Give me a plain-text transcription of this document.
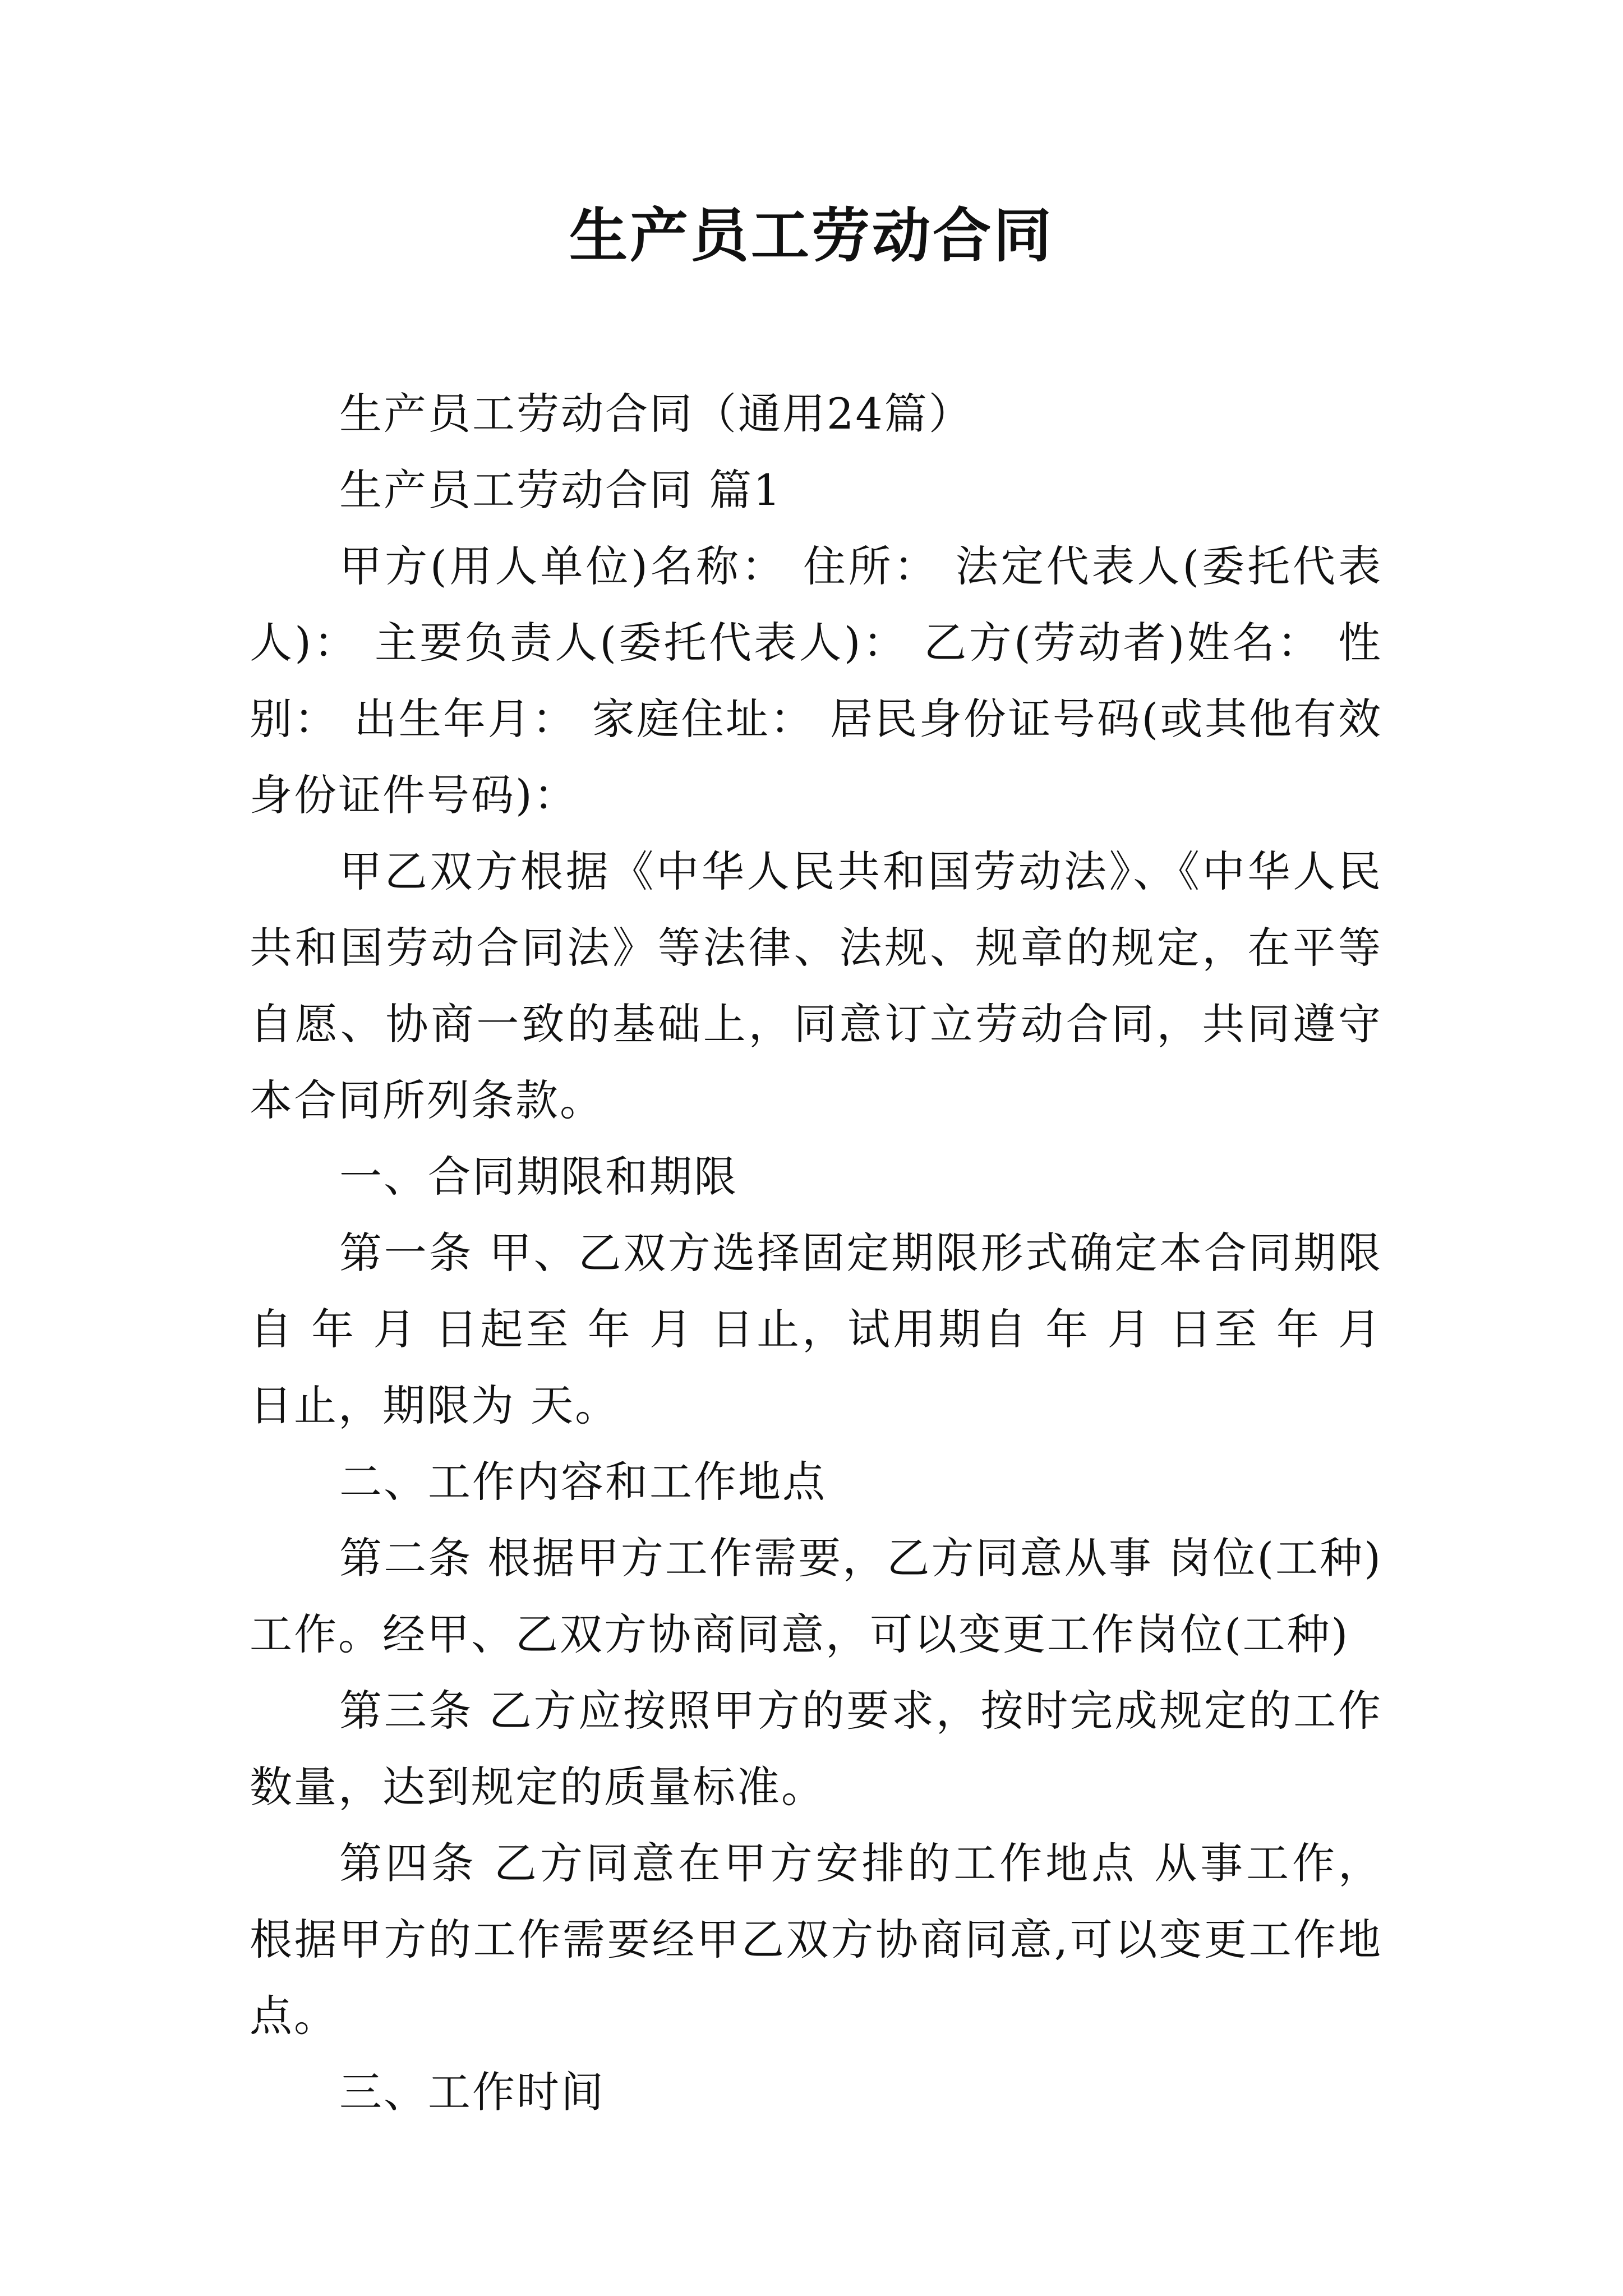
生产员工劳动合同

生产员工劳动合同（通用24篇）

生产员工劳动合同 篇1

甲方(用人单位)名称： 住所： 法定代表人(委托代表人)： 主要负责人(委托代表人)： 乙方(劳动者)姓名： 性别： 出生年月： 家庭住址： 居民身份证号码(或其他有效身份证件号码)：

甲乙双方根据《中华人民共和国劳动法》、《中华人民共和国劳动合同法》等法律、法规、规章的规定，在平等自愿、协商一致的基础上，同意订立劳动合同，共同遵守本合同所列条款。

一、合同期限和期限

第一条 甲、乙双方选择固定期限形式确定本合同期限自 年 月 日起至 年 月 日止，试用期自 年 月 日至 年 月 日止，期限为 天。

二、工作内容和工作地点

第二条 根据甲方工作需要，乙方同意从事 岗位(工种)工作。经甲、乙双方协商同意，可以变更工作岗位(工种)

第三条 乙方应按照甲方的要求，按时完成规定的工作数量，达到规定的质量标准。

第四条 乙方同意在甲方安排的工作地点 从事工作，根据甲方的工作需要经甲乙双方协商同意,可以变更工作地点。

三、工作时间
